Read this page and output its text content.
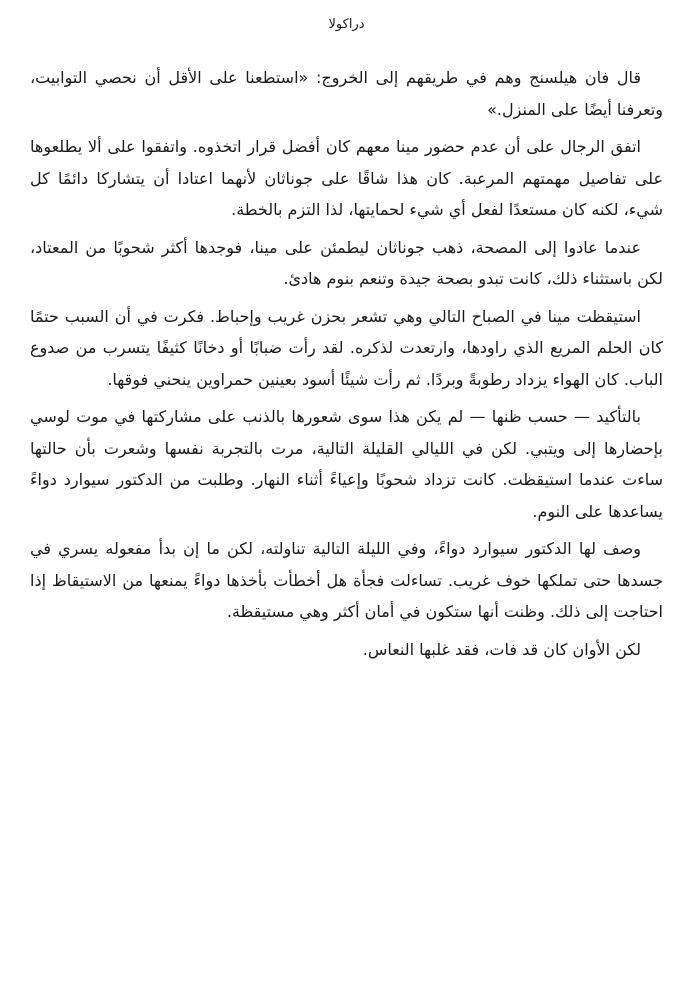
دراكولا

قال فان هيلسنج وهم في طريقهم إلى الخروج: «استطعنا على الأقل أن نحصي التوابيت، وتعرفنا أيضًا على المنزل.»

اتفق الرجال على أن عدم حضور مينا معهم كان أفضل قرار اتخذوه. واتفقوا على ألا يطلعوها على تفاصيل مهمتهم المرعبة. كان هذا شاقًا على جوناثان لأنهما اعتادا أن يتشاركا دائمًا كل شيء، لكنه كان مستعدًا لفعل أي شيء لحمايتها، لذا التزم بالخطة.

عندما عادوا إلى المصحة، ذهب جوناثان ليطمئن على مينا، فوجدها أكثر شحوبًا من المعتاد، لكن باستثناء ذلك، كانت تبدو بصحة جيدة وتنعم بنوم هادئ.

استيقظت مينا في الصباح التالي وهي تشعر بحزن غريب وإحباط. فكرت في أن السبب حتمًا كان الحلم المريع الذي راودها، وارتعدت لذكره. لقد رأت ضبابًا أو دخانًا كثيفًا يتسرب من صدوع الباب. كان الهواء يزداد رطوبةً وبردًا. ثم رأت شيئًا أسود بعينين حمراوين ينحني فوقها.

بالتأكيد — حسب ظنها — لم يكن هذا سوى شعورها بالذنب على مشاركتها في موت لوسي بإحضارها إلى ويتبي. لكن في الليالي القليلة التالية، مرت بالتجربة نفسها وشعرت بأن حالتها ساءت عندما استيقظت. كانت تزداد شحوبًا وإعياءً أثناء النهار. وطلبت من الدكتور سيوارد دواءً يساعدها على النوم.

وصف لها الدكتور سيوارد دواءً، وفي الليلة التالية تناولته، لكن ما إن بدأ مفعوله يسري في جسدها حتى تملكها خوف غريب. تساءلت فجأة هل أخطأت بأخذها دواءً يمنعها من الاستيقاظ إذا احتاجت إلى ذلك. وظنت أنها ستكون في أمان أكثر وهي مستيقظة.

لكن الأوان كان قد فات، فقد غلبها النعاس.
